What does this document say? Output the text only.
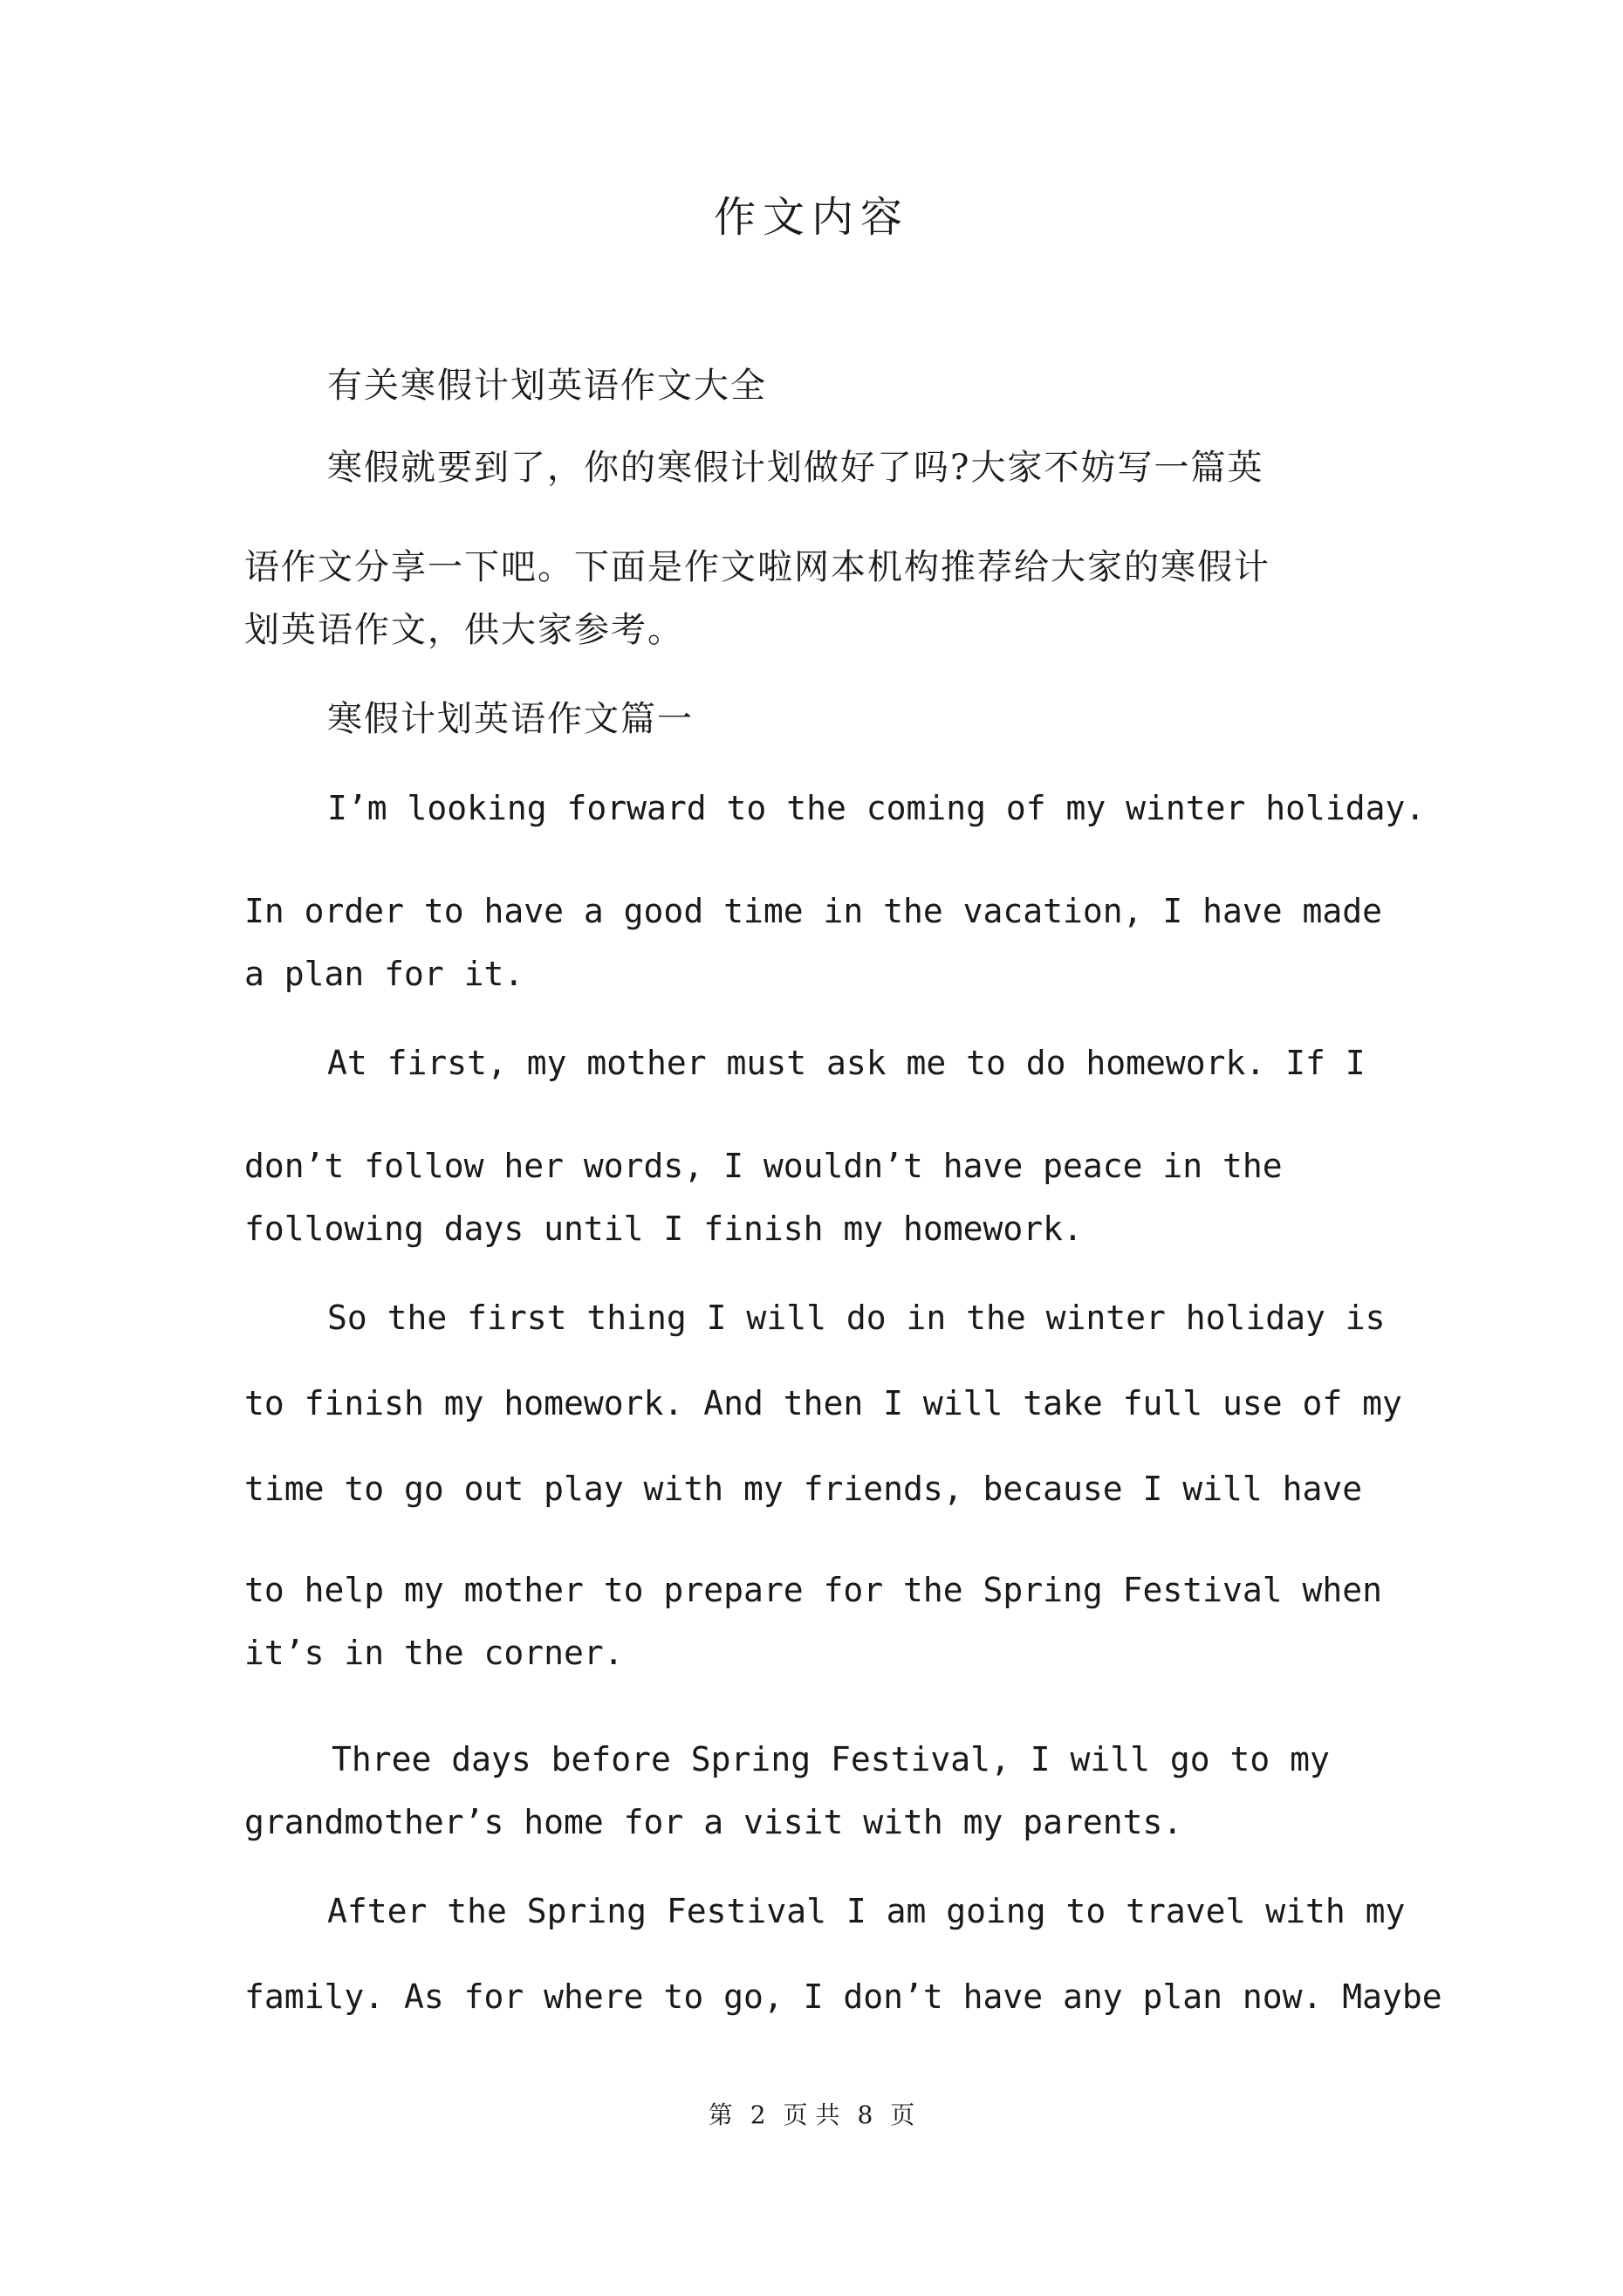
作文内容
有关寒假计划英语作文大全
寒假就要到了，你的寒假计划做好了吗?大家不妨写一篇英
语作文分享一下吧。下面是作文啦网本机构推荐给大家的寒假计
划英语作文，供大家参考。
寒假计划英语作文篇一
I’m looking forward to the coming of my winter holiday.
In order to have a good time in the vacation, I have made
a plan for it.
At first, my mother must ask me to do homework. If I
don’t follow her words, I wouldn’t have peace in the
following days until I finish my homework.
So the first thing I will do in the winter holiday is
to finish my homework. And then I will take full use of my
time to go out play with my friends, because I will have
to help my mother to prepare for the Spring Festival when
it’s in the corner.
Three days before Spring Festival, I will go to my
grandmother’s home for a visit with my parents.
After the Spring Festival I am going to travel with my
family. As for where to go, I don’t have any plan now. Maybe
第 2 页 共 8 页
